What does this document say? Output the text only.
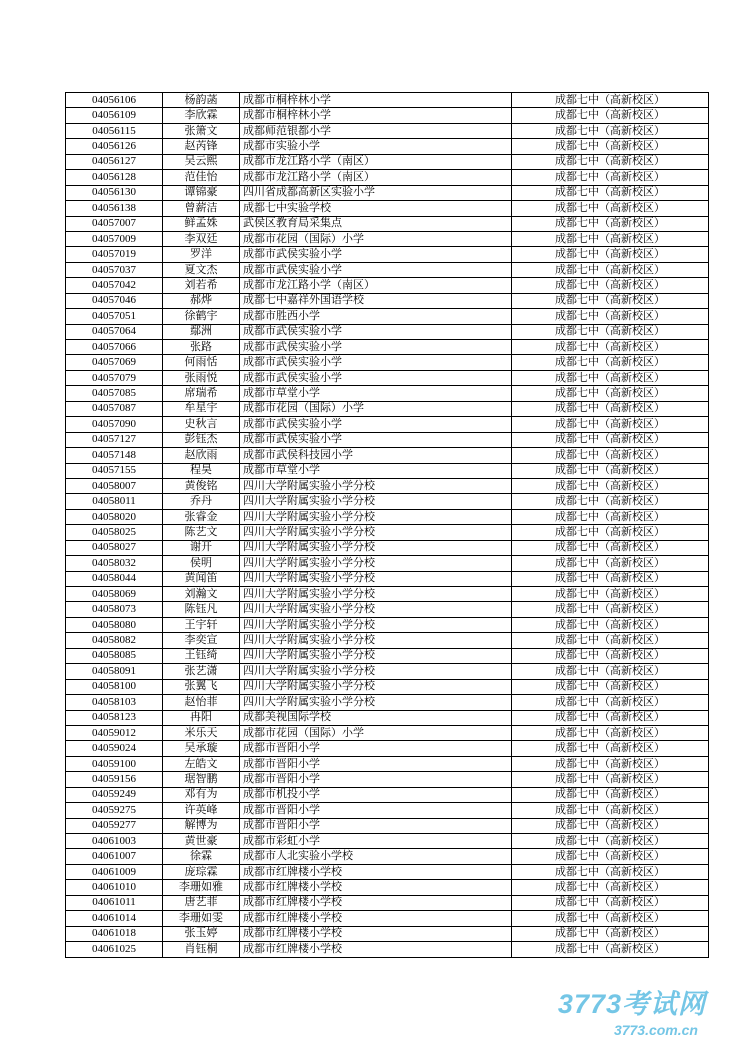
04056106	杨韵菡	成都市桐梓林小学	成都七中（高新校区）
04056109	李欣霖	成都市桐梓林小学	成都七中（高新校区）
04056115	张箫文	成都师范银都小学	成都七中（高新校区）
04056126	赵芮锋	成都市实验小学	成都七中（高新校区）
04056127	吴云熙	成都市龙江路小学（南区）	成都七中（高新校区）
04056128	范佳怡	成都市龙江路小学（南区）	成都七中（高新校区）
04056130	谭锦豪	四川省成都高新区实验小学	成都七中（高新校区）
04056138	曾薪洁	成都七中实验学校	成都七中（高新校区）
04057007	鲜孟姝	武侯区教育局采集点	成都七中（高新校区）
04057009	李双廷	成都市花园（国际）小学	成都七中（高新校区）
04057019	罗洋	成都市武侯实验小学	成都七中（高新校区）
04057037	夏文杰	成都市武侯实验小学	成都七中（高新校区）
04057042	刘若希	成都市龙江路小学（南区）	成都七中（高新校区）
04057046	郝烨	成都七中嘉祥外国语学校	成都七中（高新校区）
04057051	徐鹤宇	成都市胜西小学	成都七中（高新校区）
04057064	鄢洲	成都市武侯实验小学	成都七中（高新校区）
04057066	张路	成都市武侯实验小学	成都七中（高新校区）
04057069	何雨恬	成都市武侯实验小学	成都七中（高新校区）
04057079	张雨悦	成都市武侯实验小学	成都七中（高新校区）
04057085	席瑞希	成都市草堂小学	成都七中（高新校区）
04057087	牟星宇	成都市花园（国际）小学	成都七中（高新校区）
04057090	史秋言	成都市武侯实验小学	成都七中（高新校区）
04057127	彭钰杰	成都市武侯实验小学	成都七中（高新校区）
04057148	赵欣雨	成都市武侯科技园小学	成都七中（高新校区）
04057155	程昊	成都市草堂小学	成都七中（高新校区）
04058007	黄俊铭	四川大学附属实验小学分校	成都七中（高新校区）
04058011	乔丹	四川大学附属实验小学分校	成都七中（高新校区）
04058020	张睿金	四川大学附属实验小学分校	成都七中（高新校区）
04058025	陈艺文	四川大学附属实验小学分校	成都七中（高新校区）
04058027	谢开	四川大学附属实验小学分校	成都七中（高新校区）
04058032	侯明	四川大学附属实验小学分校	成都七中（高新校区）
04058044	黄闻笛	四川大学附属实验小学分校	成都七中（高新校区）
04058069	刘瀚文	四川大学附属实验小学分校	成都七中（高新校区）
04058073	陈钰凡	四川大学附属实验小学分校	成都七中（高新校区）
04058080	王宇轩	四川大学附属实验小学分校	成都七中（高新校区）
04058082	李奕宣	四川大学附属实验小学分校	成都七中（高新校区）
04058085	王钰绮	四川大学附属实验小学分校	成都七中（高新校区）
04058091	张艺潇	四川大学附属实验小学分校	成都七中（高新校区）
04058100	张翼飞	四川大学附属实验小学分校	成都七中（高新校区）
04058103	赵怡菲	四川大学附属实验小学分校	成都七中（高新校区）
04058123	冉阳	成都美视国际学校	成都七中（高新校区）
04059012	米乐天	成都市花园（国际）小学	成都七中（高新校区）
04059024	吴承璇	成都市晋阳小学	成都七中（高新校区）
04059100	左皓文	成都市晋阳小学	成都七中（高新校区）
04059156	琚智鹏	成都市晋阳小学	成都七中（高新校区）
04059249	邓有为	成都市机投小学	成都七中（高新校区）
04059275	许英峰	成都市晋阳小学	成都七中（高新校区）
04059277	解博为	成都市晋阳小学	成都七中（高新校区）
04061003	黄世豪	成都市彩虹小学	成都七中（高新校区）
04061007	徐霖	成都市人北实验小学校	成都七中（高新校区）
04061009	庞琮霖	成都市红牌楼小学校	成都七中（高新校区）
04061010	李珊如雅	成都市红牌楼小学校	成都七中（高新校区）
04061011	唐艺菲	成都市红牌楼小学校	成都七中（高新校区）
04061014	李珊如雯	成都市红牌楼小学校	成都七中（高新校区）
04061018	张玉婷	成都市红牌楼小学校	成都七中（高新校区）
04061025	肖钰桐	成都市红牌楼小学校	成都七中（高新校区）
3773考试网
3773.com.cn
